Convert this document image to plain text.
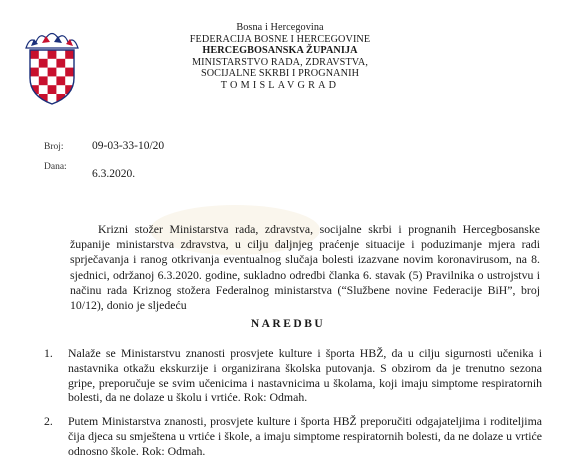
Bosna i Hercegovina
FEDERACIJA BOSNE I HERCEGOVINE
HERCEGBOSANSKA ŽUPANIJA
MINISTARSTVO RADA, ZDRAVSTVA,
SOCIJALNE SKRBI I PROGNANIH
TOMISLAVGRAD
Broj: 09-03-33-10/20
Dana:
6.3.2020.
Krizni stožer Ministarstva rada, zdravstva, socijalne skrbi i prognanih Hercegbosanske županije ministarstva zdravstva, u cilju daljnjeg praćenje situacije i poduzimanje mjera radi sprječavanja i ranog otkrivanja eventualnog slučaja bolesti izazvane novim koronavirusom, na 8. sjednici, održanoj 6.3.2020. godine, sukladno odredbi članka 6. stavak (5) Pravilnika o ustrojstvu i načinu rada Kriznog stožera Federalnog ministarstva (“Službene novine Federacije BiH”, broj 10/12), donio je sljedeću
NAREDBU
1.	Nalaže se Ministarstvu znanosti prosvjete kulture i športa HBŽ, da u cilju sigurnosti učenika i nastavnika otkažu ekskurzije i organizirana školska putovanja. S obzirom da je trenutno sezona gripe, preporučuje se svim učenicima i nastavnicima u školama, koji imaju simptome respiratornih bolesti, da ne dolaze u školu i vrtiće. Rok: Odmah.
2.	Putem Ministarstva znanosti, prosvjete kulture i športa HBŽ preporučiti odgajateljima i roditeljima čija djeca su smještena u vrtiće i škole, a imaju simptome respiratornih bolesti, da ne dolaze u vrtiće odnosno škole. Rok: Odmah.
